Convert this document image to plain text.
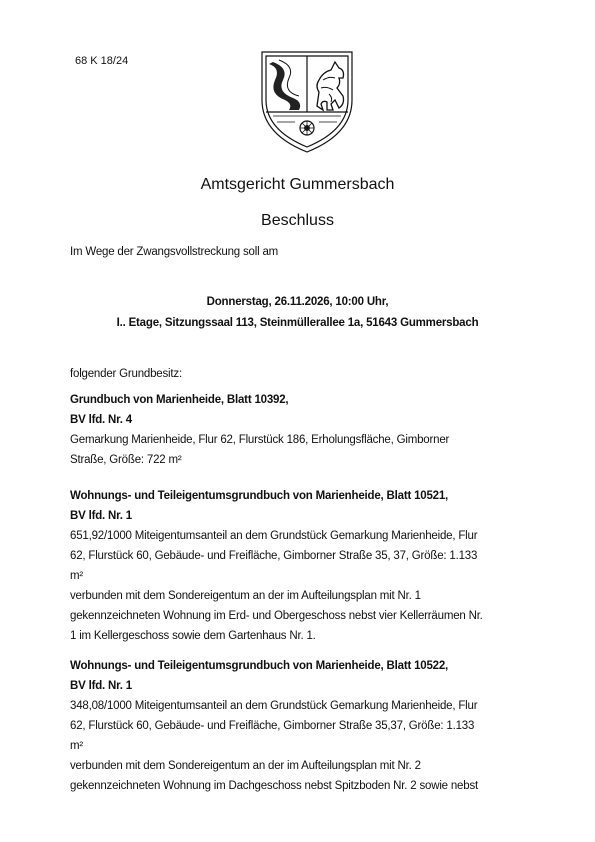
68 K 18/24
Amtsgericht Gummersbach
Beschluss
Im Wege der Zwangsvollstreckung soll am
Donnerstag, 26.11.2026, 10:00 Uhr,
I.. Etage, Sitzungssaal 113, Steinmüllerallee 1a, 51643 Gummersbach
folgender Grundbesitz:
Grundbuch von Marienheide, Blatt 10392,
BV lfd. Nr. 4
Gemarkung Marienheide, Flur 62, Flurstück 186, Erholungsfläche, Gimborner
Straße, Größe: 722 m²
Wohnungs- und Teileigentumsgrundbuch von Marienheide, Blatt 10521,
BV lfd. Nr. 1
651,92/1000 Miteigentumsanteil an dem Grundstück Gemarkung Marienheide, Flur
62, Flurstück 60, Gebäude- und Freifläche, Gimborner Straße 35, 37, Größe: 1.133
m²
verbunden mit dem Sondereigentum an der im Aufteilungsplan mit Nr. 1
gekennzeichneten Wohnung im Erd- und Obergeschoss nebst vier Kellerräumen Nr.
1 im Kellergeschoss sowie dem Gartenhaus Nr. 1.
Wohnungs- und Teileigentumsgrundbuch von Marienheide, Blatt 10522,
BV lfd. Nr. 1
348,08/1000 Miteigentumsanteil an dem Grundstück Gemarkung Marienheide, Flur
62, Flurstück 60, Gebäude- und Freifläche, Gimborner Straße 35,37, Größe: 1.133
m²
verbunden mit dem Sondereigentum an der im Aufteilungsplan mit Nr. 2
gekennzeichneten Wohnung im Dachgeschoss nebst Spitzboden Nr. 2 sowie nebst
